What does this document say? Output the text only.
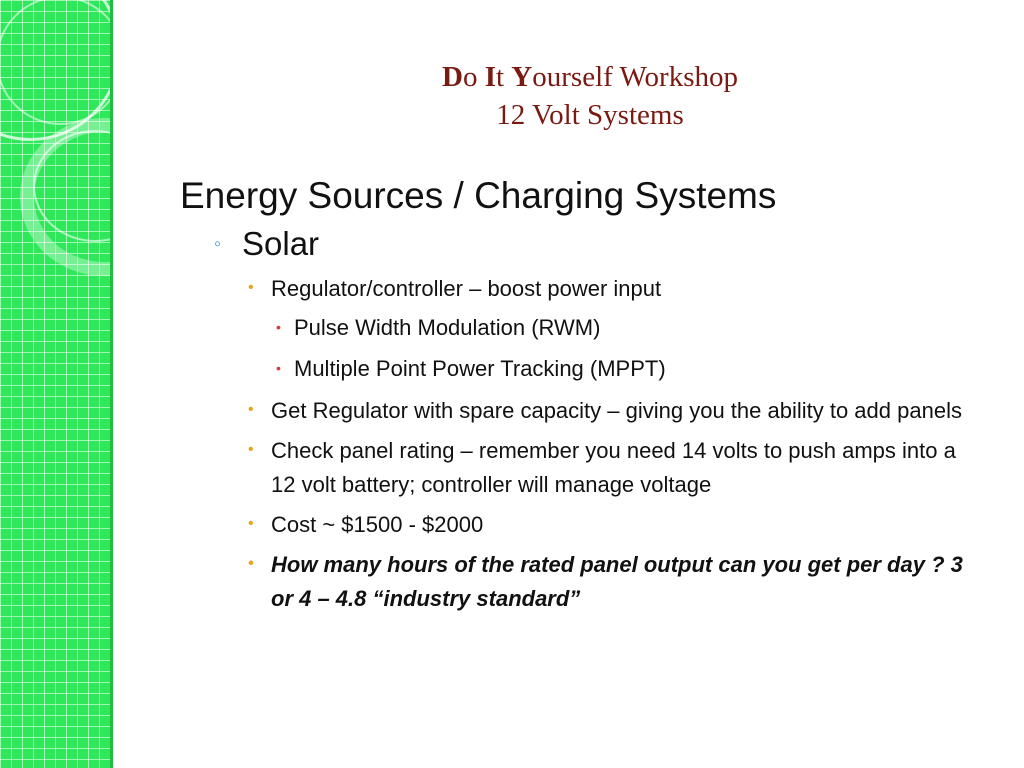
Do It Yourself Workshop
12 Volt Systems
Energy Sources / Charging Systems
◦ Solar
• Regulator/controller – boost power input
• Pulse Width Modulation (RWM)
• Multiple Point Power Tracking (MPPT)
• Get Regulator with spare capacity – giving you the ability to add panels
• Check panel rating – remember you need 14 volts to push amps into a 12 volt battery; controller will manage voltage
• Cost ~ $1500 - $2000
• How many hours of the rated panel output can you get per day ? 3 or 4 – 4.8 “industry standard”
